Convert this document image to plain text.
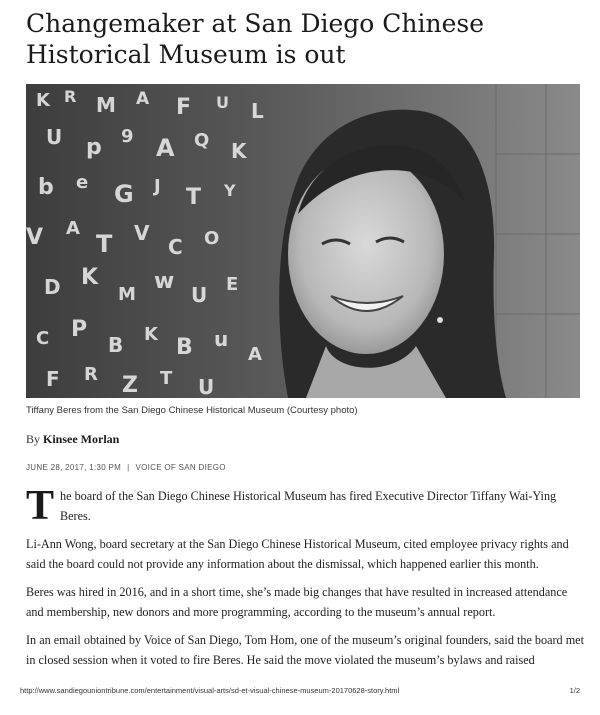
Changemaker at San Diego Chinese Historical Museum is out
K R M A F U L
U p 9 A Q K
b e G J T Y
V A
T V
C O
D K
M
w
U E
C P
B K
B u
A
F R Z T U
Tiffany Beres from the San Diego Chinese Historical Museum (Courtesy photo)
By Kinsee Morlan
JUNE 28, 2017, 1:30 PM | VOICE OF SAN DIEGO

The board of the San Diego Chinese Historical Museum has fired Executive Director Tiffany Wai-Ying Beres.

Li-Ann Wong, board secretary at the San Diego Chinese Historical Museum, cited employee privacy rights and said the board could not provide any information about the dismissal, which happened earlier this month.

Beres was hired in 2016, and in a short time, she’s made big changes that have resulted in increased attendance and membership, new donors and more programming, according to the museum’s annual report.

In an email obtained by Voice of San Diego, Tom Hom, one of the museum’s original founders, said the board met in closed session when it voted to fire Beres. He said the move violated the museum’s bylaws and raised

http://www.sandiegouniontribune.com/entertainment/visual-arts/sd-et-visual-chinese-museum-20170628-story.html	1/2
